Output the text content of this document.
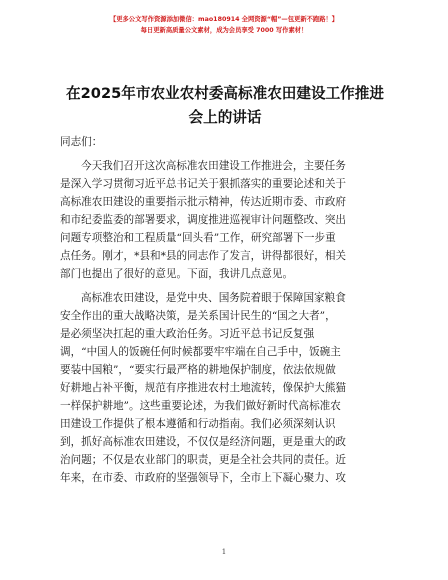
【更多公文写作资源添加微信：mao180914 全网资源“帽”—包更新不跑路！】
每日更新高质量公文素材，成为会员享受 7000 写作素材！
在2025年市农业农村委高标准农田建设工作推进会上的讲话
同志们：
今天我们召开这次高标准农田建设工作推进会，主要任务
是深入学习贯彻习近平总书记关于狠抓落实的重要论述和关于
高标准农田建设的重要指示批示精神，传达近期市委、市政府
和市纪委监委的部署要求，调度推进巡视审计问题整改、突出
问题专项整治和工程质量“回头看”工作，研究部署下一步重
点任务。刚才，*县和*县的同志作了发言，讲得都很好，相关
部门也提出了很好的意见。下面，我讲几点意见。
高标准农田建设，是党中央、国务院着眼于保障国家粮食
安全作出的重大战略决策，是关系国计民生的“国之大者”，
是必须坚决扛起的重大政治任务。习近平总书记反复强
调，“中国人的饭碗任何时候都要牢牢端在自己手中，饭碗主
要装中国粮”，“要实行最严格的耕地保护制度，依法依规做
好耕地占补平衡，规范有序推进农村土地流转，像保护大熊猫
一样保护耕地”。这些重要论述，为我们做好新时代高标准农
田建设工作提供了根本遵循和行动指南。我们必须深刻认识
到，抓好高标准农田建设，不仅仅是经济问题，更是重大的政
治问题；不仅是农业部门的职责，更是全社会共同的责任。近
年来，在市委、市政府的坚强领导下，全市上下凝心聚力、攻
1
